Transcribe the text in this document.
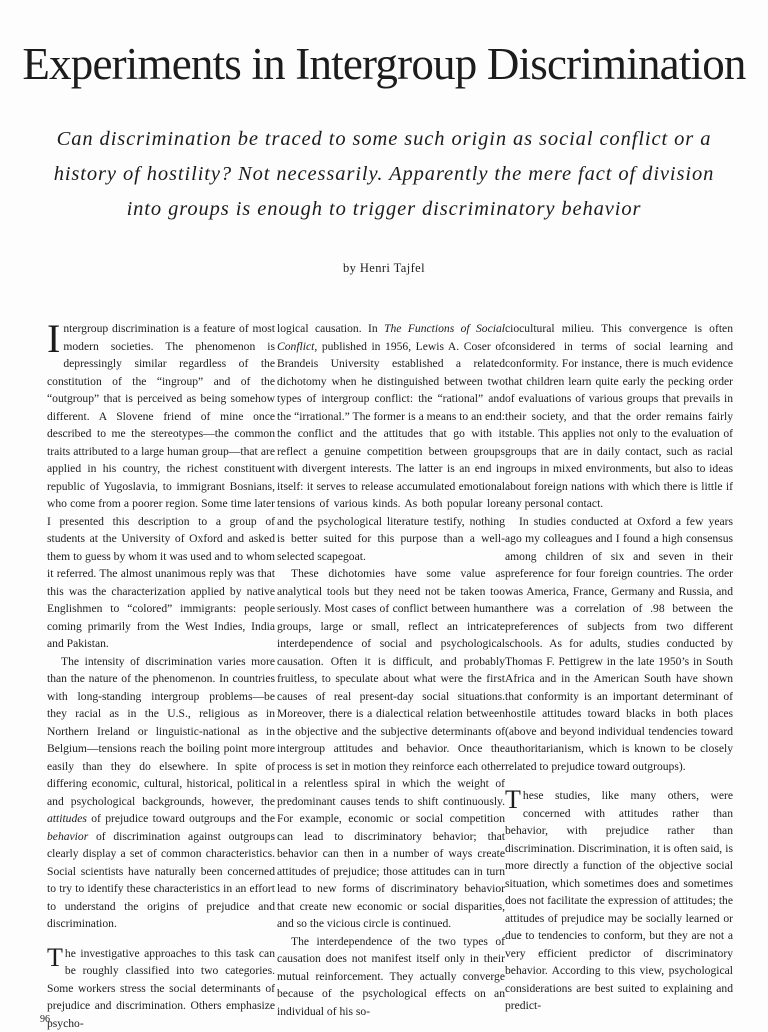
Experiments in Intergroup Discrimination

Can discrimination be traced to some such origin as social conflict or a history of hostility? Not necessarily. Apparently the mere fact of division into groups is enough to trigger discriminatory behavior

by Henri Tajfel

Intergroup discrimination is a feature of most modern societies. The phenomenon is depressingly similar regardless of the constitution of the “ingroup” and of the “outgroup” that is perceived as being somehow different. A Slovene friend of mine once described to me the stereotypes—the common traits attributed to a large human group—that are applied in his country, the richest constituent republic of Yugoslavia, to immigrant Bosnians, who come from a poorer region. Some time later I presented this description to a group of students at the University of Oxford and asked them to guess by whom it was used and to whom it referred. The almost unanimous reply was that this was the characterization applied by native Englishmen to “colored” immigrants: people coming primarily from the West Indies, India and Pakistan.

The intensity of discrimination varies more than the nature of the phenomenon. In countries with long-standing intergroup problems—be they racial as in the U.S., religious as in Northern Ireland or linguistic-national as in Belgium—tensions reach the boiling point more easily than they do elsewhere. In spite of differing economic, cultural, historical, political and psychological backgrounds, however, the attitudes of prejudice toward outgroups and the behavior of discrimination against outgroups clearly display a set of common characteristics. Social scientists have naturally been concerned to try to identify these characteristics in an effort to understand the origins of prejudice and discrimination.

The investigative approaches to this task can be roughly classified into two categories. Some workers stress the social determinants of prejudice and discrimination. Others emphasize psycho-

logical causation. In The Functions of Social Conflict, published in 1956, Lewis A. Coser of Brandeis University established a related dichotomy when he distinguished between two types of intergroup conflict: the “rational” and the “irrational.” The former is a means to an end: the conflict and the attitudes that go with it reflect a genuine competition between groups with divergent interests. The latter is an end in itself: it serves to release accumulated emotional tensions of various kinds. As both popular lore and the psychological literature testify, nothing is better suited for this purpose than a well-selected scapegoat.

These dichotomies have some value as analytical tools but they need not be taken too seriously. Most cases of conflict between human groups, large or small, reflect an intricate interdependence of social and psychological causation. Often it is difficult, and probably fruitless, to speculate about what were the first causes of real present-day social situations. Moreover, there is a dialectical relation between the objective and the subjective determinants of intergroup attitudes and behavior. Once the process is set in motion they reinforce each other in a relentless spiral in which the weight of predominant causes tends to shift continuously. For example, economic or social competition can lead to discriminatory behavior; that behavior can then in a number of ways create attitudes of prejudice; those attitudes can in turn lead to new forms of discriminatory behavior that create new economic or social disparities, and so the vicious circle is continued.

The interdependence of the two types of causation does not manifest itself only in their mutual reinforcement. They actually converge because of the psychological effects on an individual of his so-

ciocultural milieu. This convergence is often considered in terms of social learning and conformity. For instance, there is much evidence that children learn quite early the pecking order of evaluations of various groups that prevails in their society, and that the order remains fairly stable. This applies not only to the evaluation of groups that are in daily contact, such as racial groups in mixed environments, but also to ideas about foreign nations with which there is little if any personal contact.

In studies conducted at Oxford a few years ago my colleagues and I found a high consensus among children of six and seven in their preference for four foreign countries. The order was America, France, Germany and Russia, and there was a correlation of .98 between the preferences of subjects from two different schools. As for adults, studies conducted by Thomas F. Pettigrew in the late 1950’s in South Africa and in the American South have shown that conformity is an important determinant of hostile attitudes toward blacks in both places (above and beyond individual tendencies toward authoritarianism, which is known to be closely related to prejudice toward outgroups).

These studies, like many others, were concerned with attitudes rather than behavior, with prejudice rather than discrimination. Discrimination, it is often said, is more directly a function of the objective social situation, which sometimes does and sometimes does not facilitate the expression of attitudes; the attitudes of prejudice may be socially learned or due to tendencies to conform, but they are not a very efficient predictor of discriminatory behavior. According to this view, psychological considerations are best suited to explaining and predict-

96
